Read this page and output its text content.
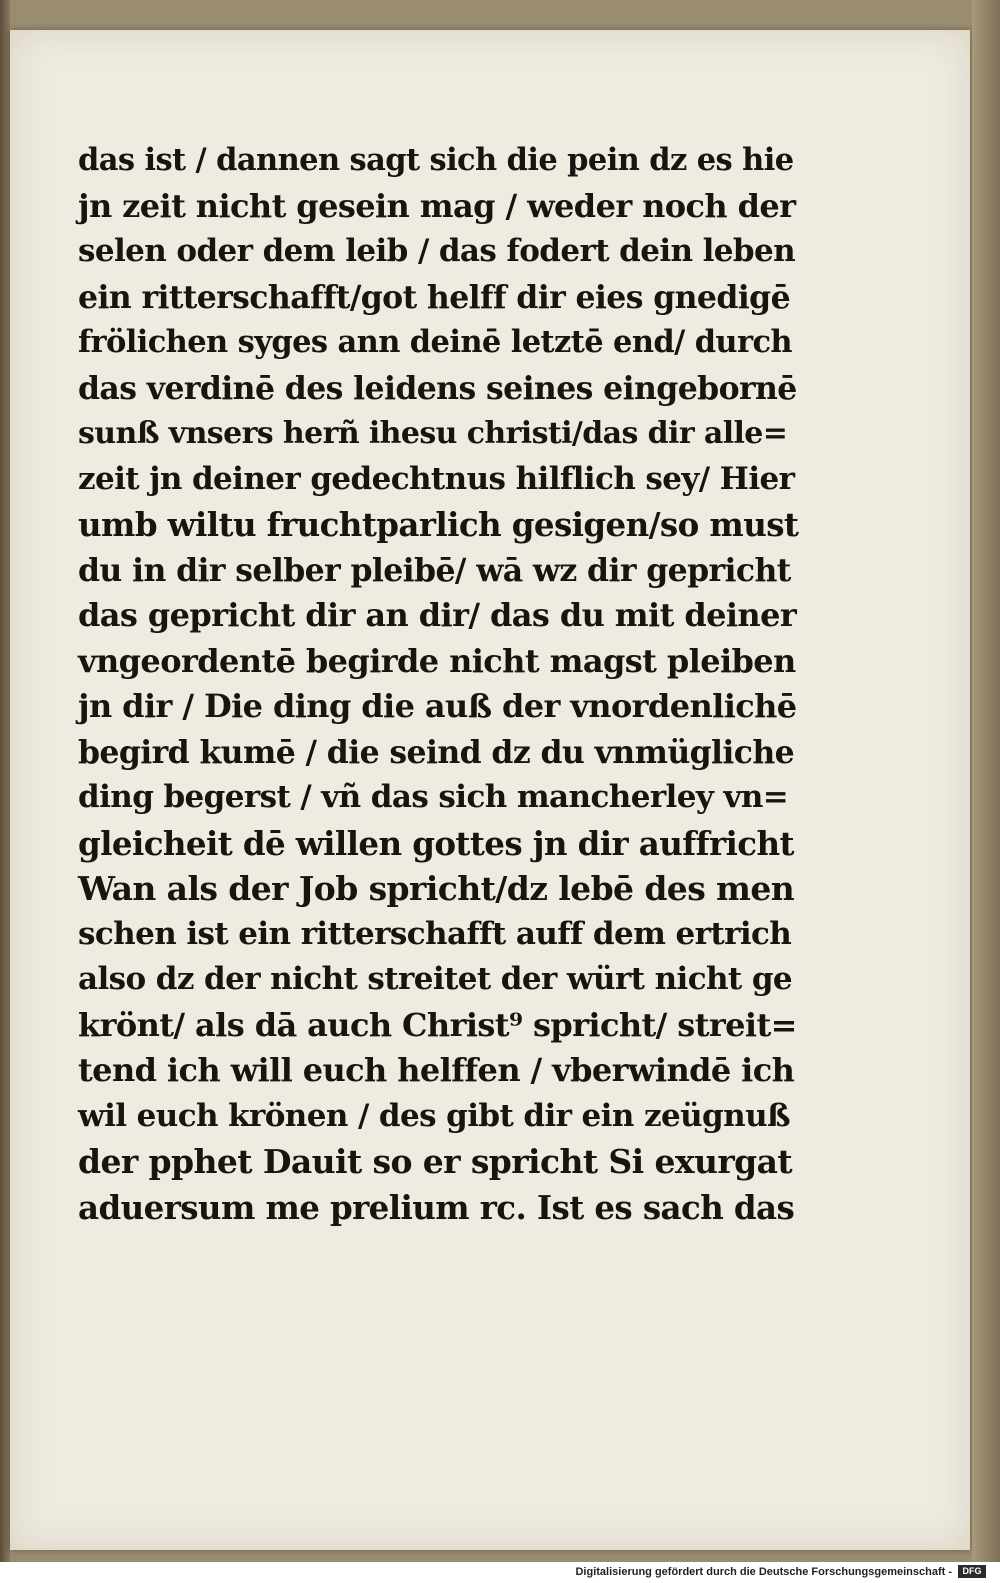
das ist / dannen sagt sich die pein dz es hie
jn zeit nicht gesein mag / weder noch der
selen oder dem leib / das fodert dein leben
ein ritterschafft/got helff dir eies gnedigē
frölichen syges ann deinē letztē end/ durch
das verdinē des leidens seines eingebornē
sunß vnsers herñ ihesu christi/das dir alle=
zeit jn deiner gedechtnus hilflich sey/ Hier
umb wiltu fruchtparlich gesigen/so must
du in dir selber pleibē/ wā wz dir gepricht
das gepricht dir an dir/ das du mit deiner
vngeordentē begirde nicht magst pleiben
jn dir / Die ding die auß der vnordenlichē
begird kumē / die seind dz du vnmügliche
ding begerst / vñ das sich mancherley vn=
gleicheit dē willen gottes jn dir auffricht
Wan als der Job spricht/dz lebē des men
schen ist ein ritterschafft auff dem ertrich
also dz der nicht streitet der würt nicht ge
krönt/ als dā auch Christ⁹ spricht/ streit=
tend ich will euch helffen / vberwindē ich
wil euch krönen / des gibt dir ein zeügnuß
der pphet Dauit so er spricht Si exurgat
aduersum me prelium rc. Ist es sach das
Digitalisierung gefördert durch die Deutsche Forschungsgemeinschaft -	DFG
